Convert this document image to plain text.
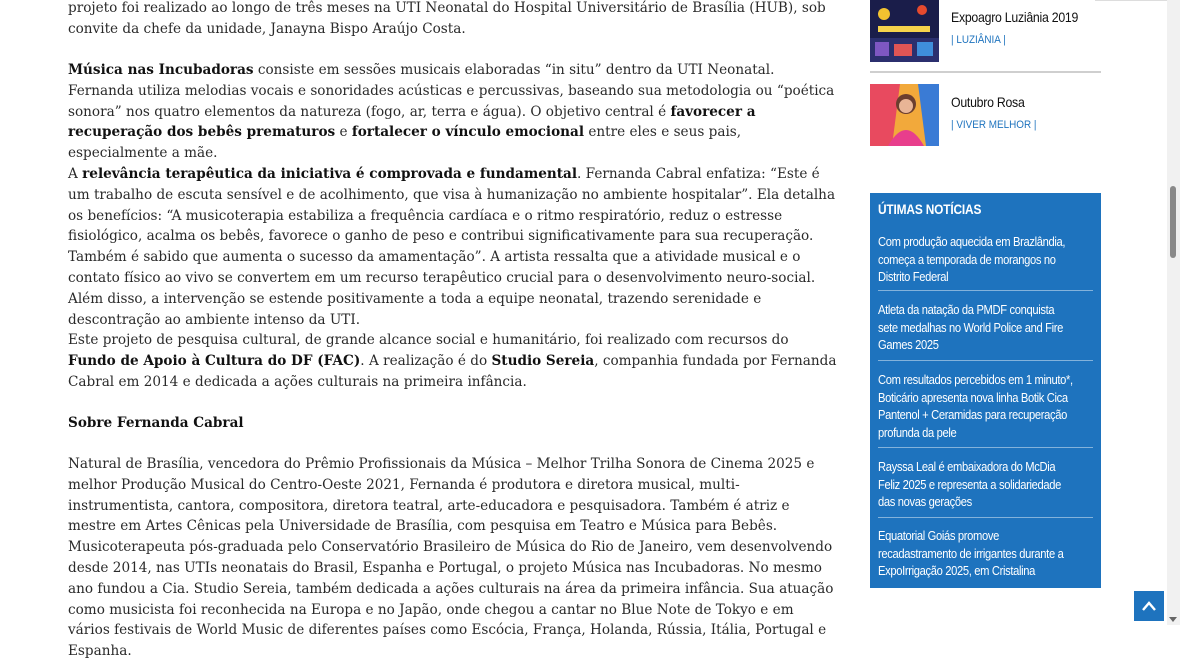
projeto foi realizado ao longo de três meses na UTI Neonatal do Hospital Universitário de Brasília (HUB), sob convite da chefe da unidade, Janayna Bispo Araújo Costa.

Música nas Incubadoras consiste em sessões musicais elaboradas “in situ” dentro da UTI Neonatal. Fernanda utiliza melodias vocais e sonoridades acústicas e percussivas, baseando sua metodologia ou “poética sonora” nos quatro elementos da natureza (fogo, ar, terra e água). O objetivo central é favorecer a recuperação dos bebês prematuros e fortalecer o vínculo emocional entre eles e seus pais, especialmente a mãe.

A relevância terapêutica da iniciativa é comprovada e fundamental. Fernanda Cabral enfatiza: “Este é um trabalho de escuta sensível e de acolhimento, que visa à humanização no ambiente hospitalar”. Ela detalha os benefícios: “A musicoterapia estabiliza a frequência cardíaca e o ritmo respiratório, reduz o estresse fisiológico, acalma os bebês, favorece o ganho de peso e contribui significativamente para sua recuperação. Também é sabido que aumenta o sucesso da amamentação”. A artista ressalta que a atividade musical e o contato físico ao vivo se convertem em um recurso terapêutico crucial para o desenvolvimento neuro-social. Além disso, a intervenção se estende positivamente a toda a equipe neonatal, trazendo serenidade e descontração ao ambiente intenso da UTI.

Este projeto de pesquisa cultural, de grande alcance social e humanitário, foi realizado com recursos do Fundo de Apoio à Cultura do DF (FAC). A realização é do Studio Sereia, companhia fundada por Fernanda Cabral em 2014 e dedicada a ações culturais na primeira infância.

Sobre Fernanda Cabral

Natural de Brasília, vencedora do Prêmio Profissionais da Música – Melhor Trilha Sonora de Cinema 2025 e melhor Produção Musical do Centro-Oeste 2021, Fernanda é produtora e diretora musical, multi-instrumentista, cantora, compositora, diretora teatral, arte-educadora e pesquisadora. Também é atriz e mestre em Artes Cênicas pela Universidade de Brasília, com pesquisa em Teatro e Música para Bebês. Musicoterapeuta pós-graduada pelo Conservatório Brasileiro de Música do Rio de Janeiro, vem desenvolvendo desde 2014, nas UTIs neonatais do Brasil, Espanha e Portugal, o projeto Música nas Incubadoras. No mesmo ano fundou a Cia. Studio Sereia, também dedicada a ações culturais na área da primeira infância. Sua atuação como musicista foi reconhecida na Europa e no Japão, onde chegou a cantar no Blue Note de Tokyo e em vários festivais de World Music de diferentes países como Escócia, França, Holanda, Rússia, Itália, Portugal e Espanha.

Expoagro Luziânia 2019
| LUZIÂNIA |
Outubro Rosa
| VIVER MELHOR |
ÚTIMAS NOTÍCIAS
Com produção aquecida em Brazlândia, começa a temporada de morangos no Distrito Federal
Atleta da natação da PMDF conquista sete medalhas no World Police and Fire Games 2025
Com resultados percebidos em 1 minuto*, Boticário apresenta nova linha Botik Cica Pantenol + Ceramidas para recuperação profunda da pele
Rayssa Leal é embaixadora do McDia Feliz 2025 e representa a solidariedade das novas gerações
Equatorial Goiás promove recadastramento de irrigantes durante a ExpoIrrigação 2025, em Cristalina
